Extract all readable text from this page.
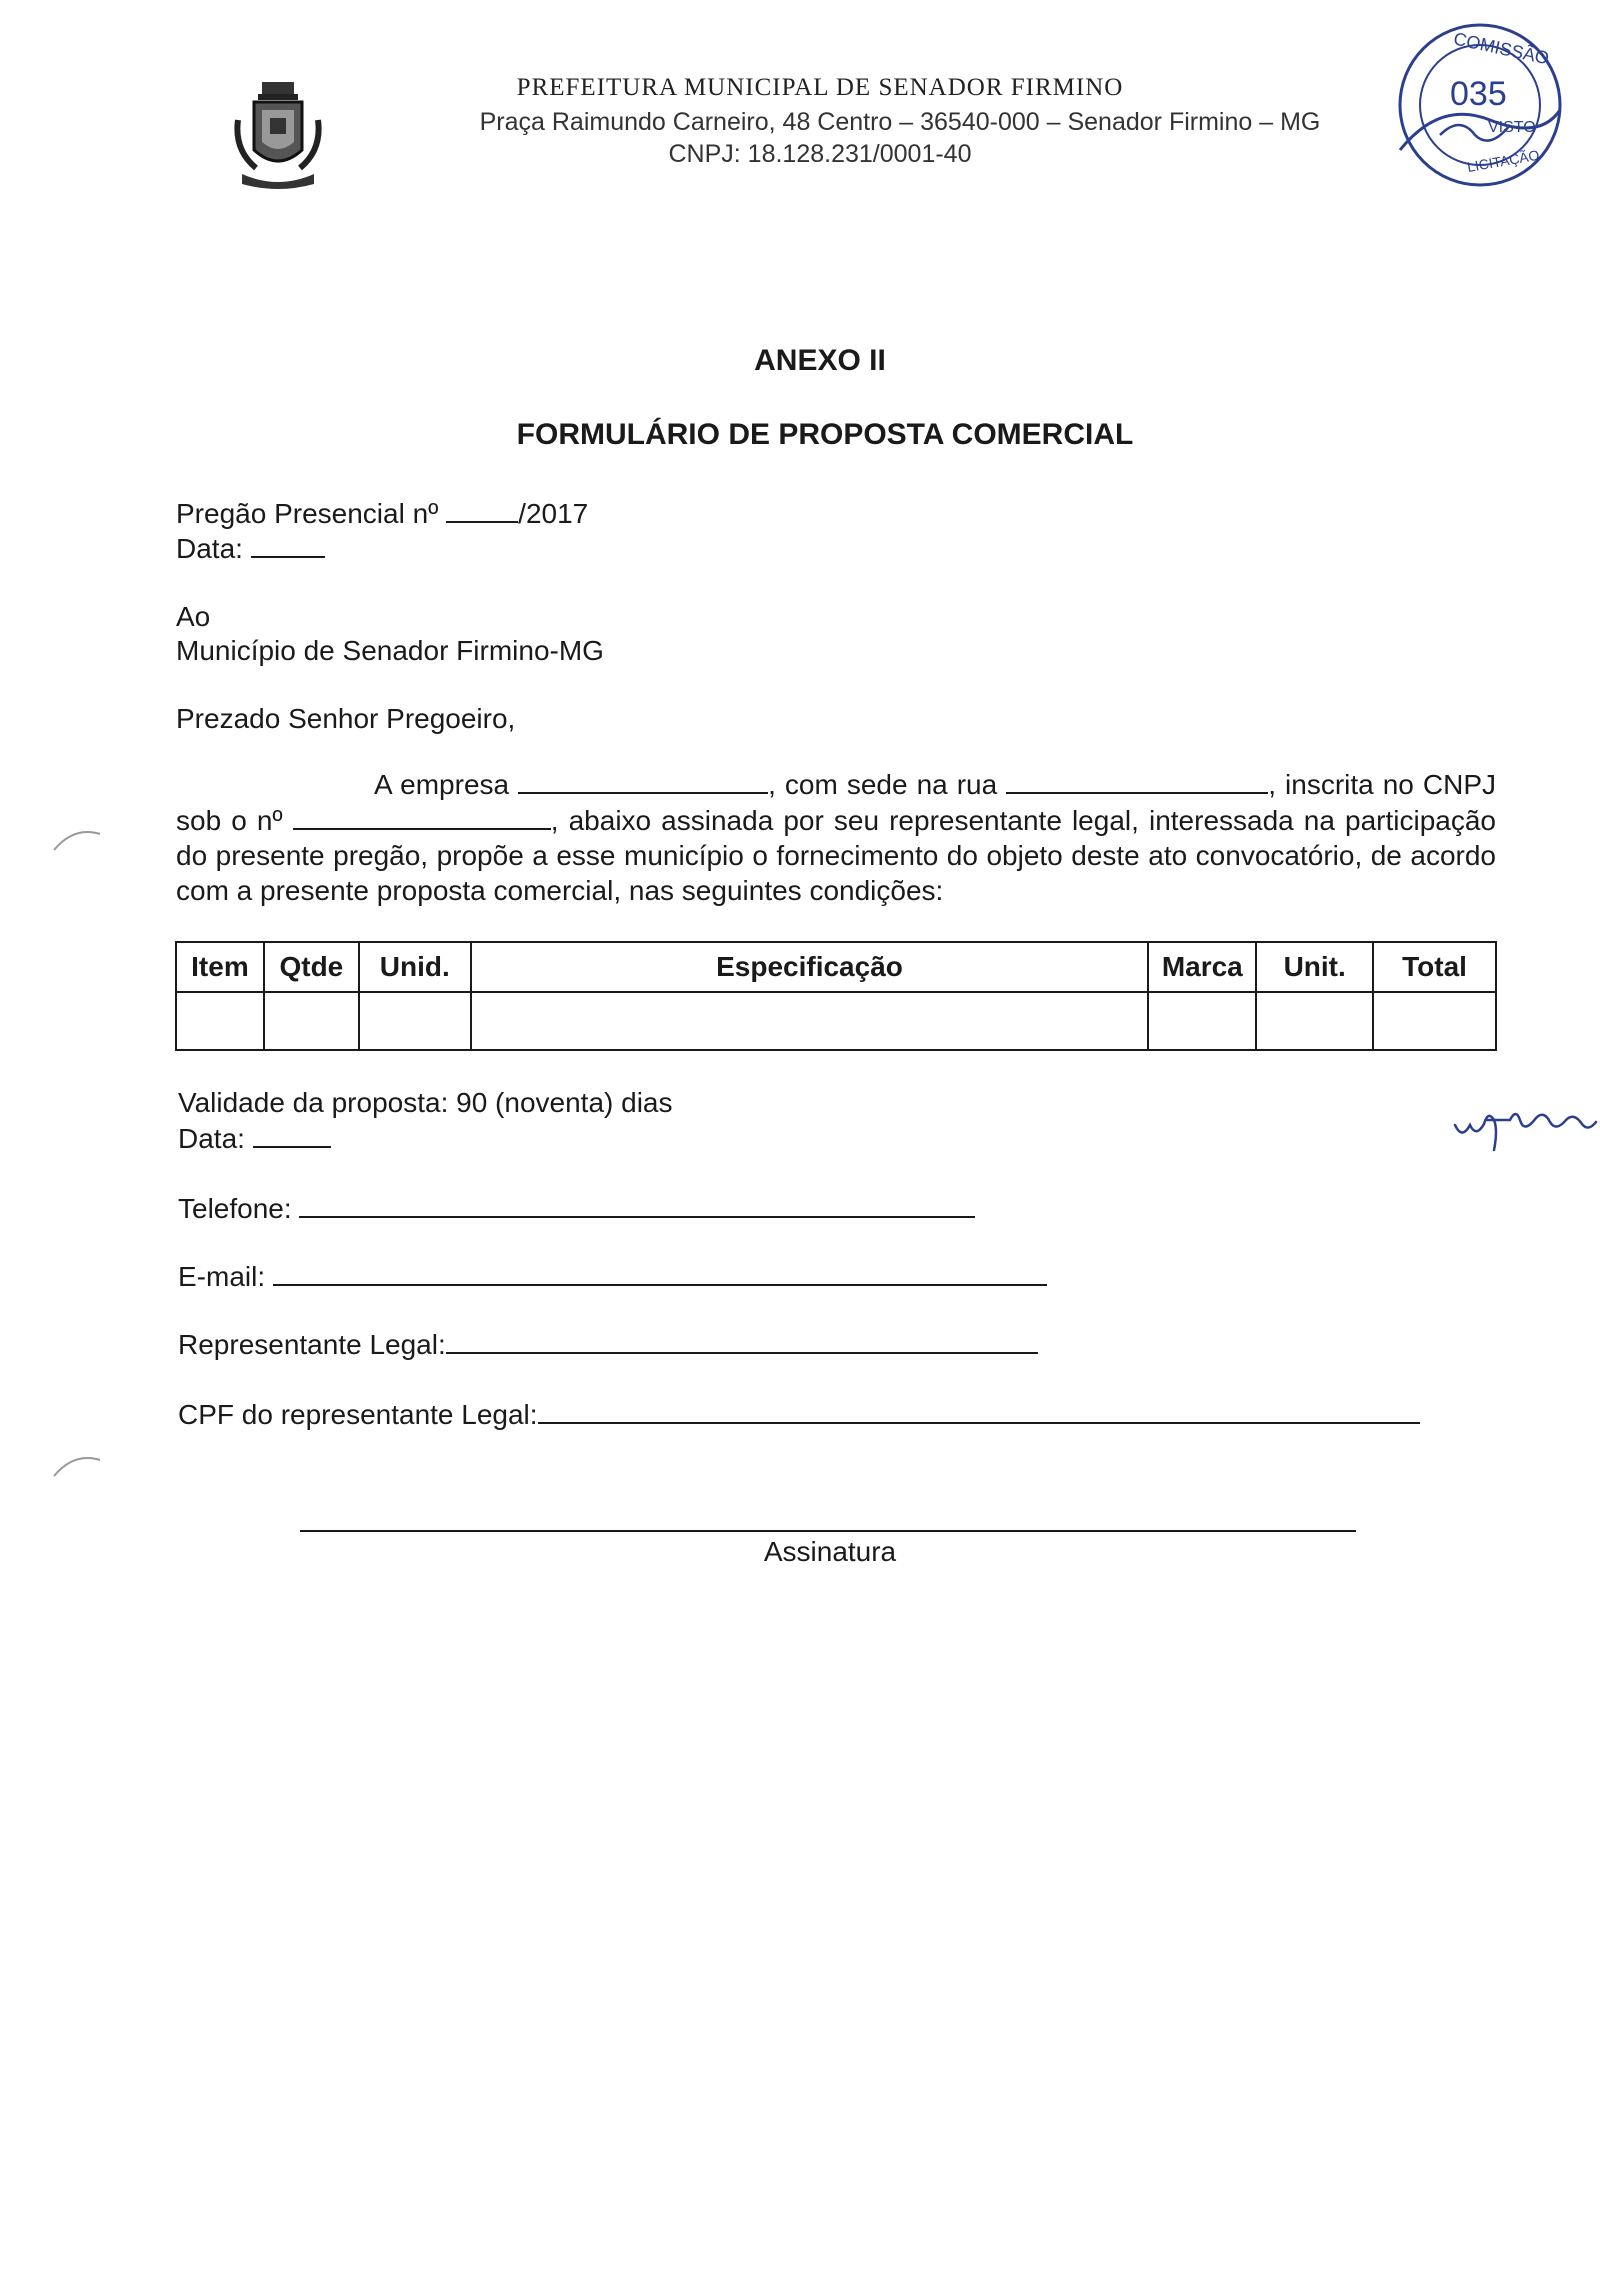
PREFEITURA MUNICIPAL DE SENADOR FIRMINO
Praça Raimundo Carneiro, 48 Centro – 36540-000 – Senador Firmino – MG
CNPJ: 18.128.231/0001-40
COMISSÃO
035
VISTO
LICITAÇÃO
ANEXO II
FORMULÁRIO DE PROPOSTA COMERCIAL
Pregão Presencial nº	/2017
Data:
Ao
Município de Senador Firmino-MG
Prezado Senhor Pregoeiro,
A empresa	, com sede na rua	, inscrita no CNPJ sob o nº	, abaixo assinada por seu representante legal, interessada na participação do presente pregão, propõe a esse município o fornecimento do objeto deste ato convocatório, de acordo com a presente proposta comercial, nas seguintes condições:
Item	Qtde	Unid.	Especificação	Marca	Unit.	Total

Validade da proposta: 90 (noventa) dias
Data:
Telefone:
E-mail:
Representante Legal:
CPF do representante Legal:
Assinatura
